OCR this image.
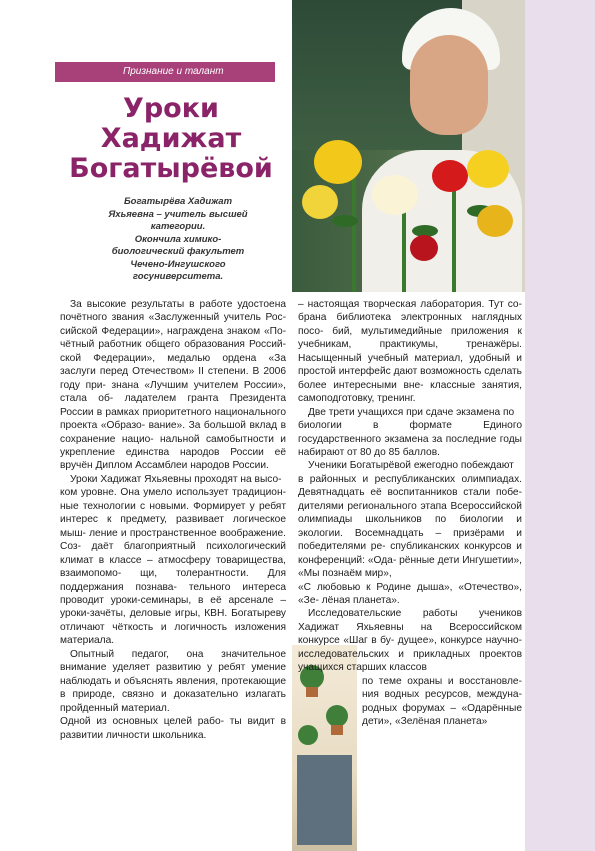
Признание и талант
Уроки
Хадижат
Богатырёвой
Богатырёва Хадижат
Яхьяевна – учитель высшей
категории.
Окончила химико-
биологический факультет
Чечено-Ингушского
госуниверситета.

За высокие результаты в работе удостоена почётного звания «Заслуженный учитель Рос- сийской Федерации», награждена знаком «По- чётный работник общего образования Россий- ской Федерации», медалью ордена «За заслуги перед Отечеством» II степени. В 2006 году при- знана «Лучшим учителем России», стала об- ладателем гранта Президента России в рамках приоритетного национального проекта «Образо- вание». За большой вклад в сохранение нацио- нальной самобытности и укрепление единства народов России её вручён Диплом Ассамблеи народов России.

Уроки Хадижат Яхьяевны проходят на высо-

ком уровне. Она умело использует традицион- ные технологии с новыми. Формирует у ребят интерес к предмету, развивает логическое мыш- ление и пространственное воображение. Соз- даёт благоприятный психологический климат в классе – атмосферу товарищества, взаимопомо- щи, толерантности. Для поддержания познава- тельного интереса проводит уроки-семинары, в её арсенале – уроки-зачёты, деловые игры, КВН. Богатыреву отличают чёткость и логичность изложения материала.

Опытный педагог, она значительное внимание уделяет развитию у ребят умение наблюдать и объяснять явления, протекающие в природе, связно и доказательно излагать пройденный материал.

Одной из основных целей рабо- ты видит в развитии личности школьника.

– настоящая творческая лаборатория. Тут со- брана библиотека электронных наглядных посо- бий, мультимедийные приложения к учебникам, практикумы, тренажёры. Насыщенный учебный материал, удобный и простой интерфейс дают возможность сделать более интересными вне- классные занятия, самоподготовку, тренинг.

Две трети учащихся при сдаче экзамена по

биологии в формате Единого государственного экзамена за последние годы набирают от 80 до 85 баллов.

Ученики Богатырёвой ежегодно побеждают

в районных и республиканских олимпиадах. Девятнадцать её воспитанников стали побе- дителями регионального этапа Всероссийской олимпиады школьников по биологии и экологии. Восемнадцать – призёрами и победителями ре- спубликанских конкурсов и конференций: «Ода- рённые дети Ингушетии», «Мы познаём мир»,

«С любовью к Родине дыша», «Отечество», «Зе- лёная планета».

Исследовательские работы учеников Хадижат Яхьяевны на Всероссийском конкурсе «Шаг в бу- дущее», конкурсе научно-исследовательских и прикладных проектов учащихся старших классов

по теме охраны и восстановле- ния водных ресурсов, междуна- родных форумах – «Одарённые дети», «Зелёная планета»
